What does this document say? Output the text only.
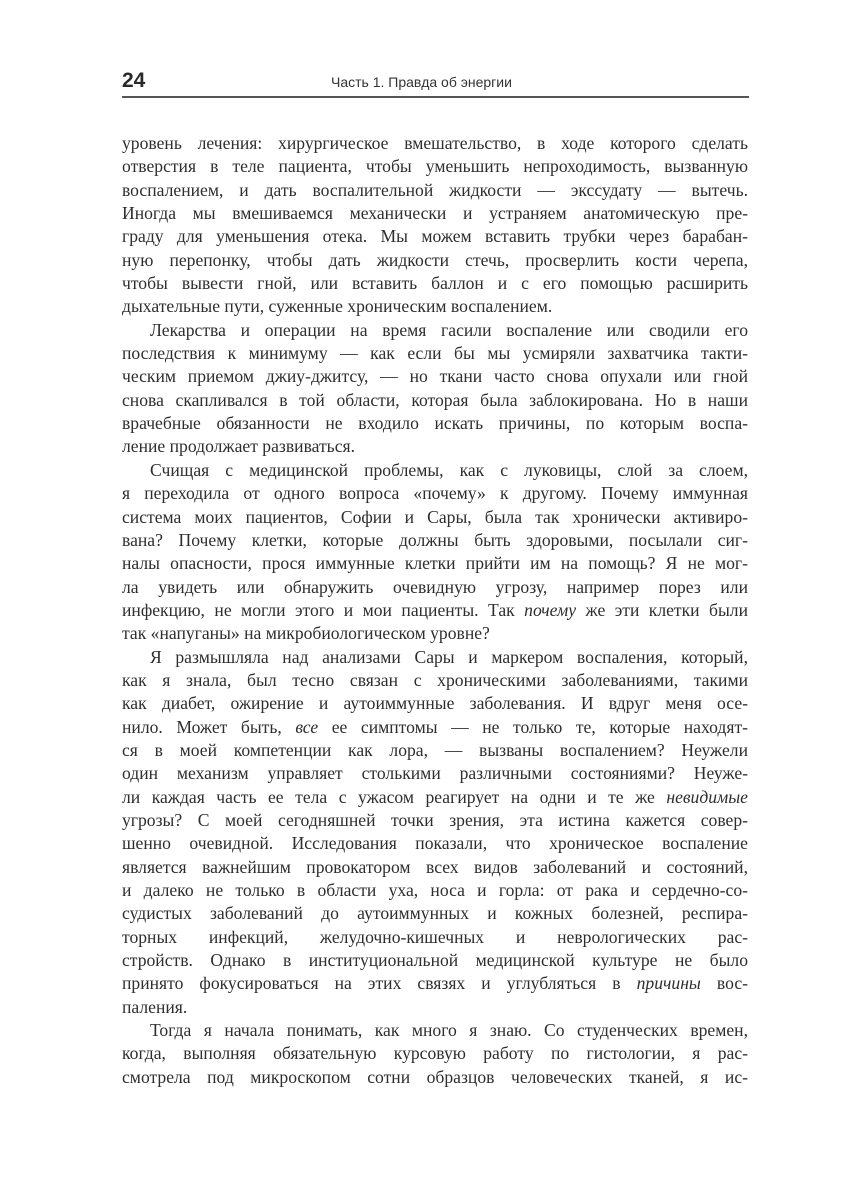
24	Часть 1. Правда об энергии
уровень лечения: хирургическое вмешательство, в ходе которого сделать
отверстия в теле пациента, чтобы уменьшить непроходимость, вызванную
воспалением, и дать воспалительной жидкости — экссудату — вытечь.
Иногда мы вмешиваемся механически и устраняем анатомическую пре-
граду для уменьшения отека. Мы можем вставить трубки через барабан-
ную перепонку, чтобы дать жидкости стечь, просверлить кости черепа,
чтобы вывести гной, или вставить баллон и с его помощью расширить
дыхательные пути, суженные хроническим воспалением.
Лекарства и операции на время гасили воспаление или сводили его
последствия к минимуму — как если бы мы усмиряли захватчика такти-
ческим приемом джиу-джитсу, — но ткани часто снова опухали или гной
снова скапливался в той области, которая была заблокирована. Но в наши
врачебные обязанности не входило искать причины, по которым воспа-
ление продолжает развиваться.
Счищая с медицинской проблемы, как с луковицы, слой за слоем,
я переходила от одного вопроса «почему» к другому. Почему иммунная
система моих пациентов, Софии и Сары, была так хронически активиро-
вана? Почему клетки, которые должны быть здоровыми, посылали сиг-
налы опасности, прося иммунные клетки прийти им на помощь? Я не мог-
ла увидеть или обнаружить очевидную угрозу, например порез или
инфекцию, не могли этого и мои пациенты. Так почему же эти клетки были
так «напуганы» на микробиологическом уровне?
Я размышляла над анализами Сары и маркером воспаления, который,
как я знала, был тесно связан с хроническими заболеваниями, такими
как диабет, ожирение и аутоиммунные заболевания. И вдруг меня осе-
нило. Может быть, все ее симптомы — не только те, которые находят-
ся в моей компетенции как лора, — вызваны воспалением? Неужели
один механизм управляет столькими различными состояниями? Неуже-
ли каждая часть ее тела с ужасом реагирует на одни и те же невидимые
угрозы? С моей сегодняшней точки зрения, эта истина кажется совер-
шенно очевидной. Исследования показали, что хроническое воспаление
является важнейшим провокатором всех видов заболеваний и состояний,
и далеко не только в области уха, носа и горла: от рака и сердечно-со-
судистых заболеваний до аутоиммунных и кожных болезней, респира-
торных инфекций, желудочно-кишечных и неврологических рас-
стройств. Однако в институциональной медицинской культуре не было
принято фокусироваться на этих связях и углубляться в причины вос-
паления.
Тогда я начала понимать, как много я знаю. Со студенческих времен,
когда, выполняя обязательную курсовую работу по гистологии, я рас-
смотрела под микроскопом сотни образцов человеческих тканей, я ис-
